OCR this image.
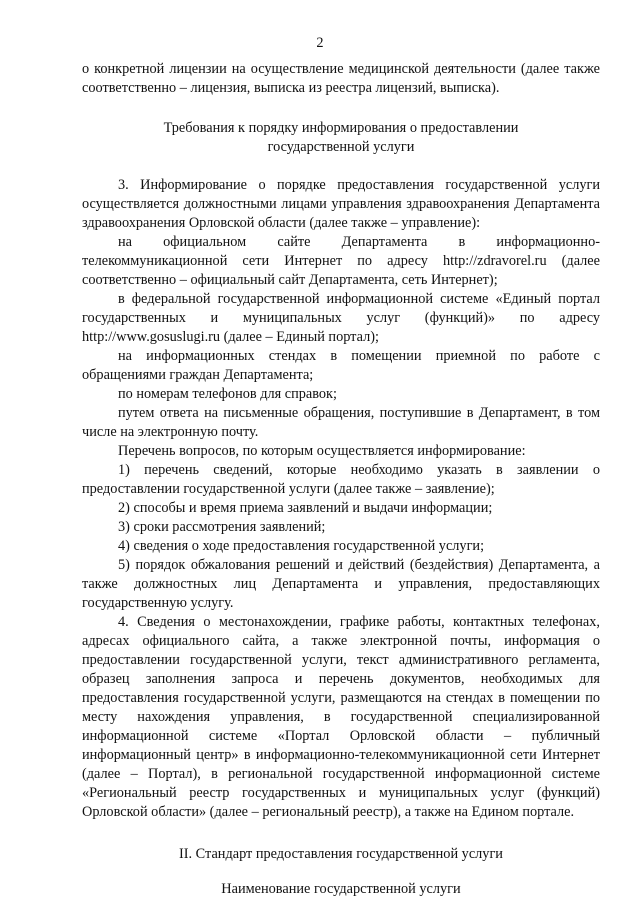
2

о конкретной лицензии на осуществление медицинской деятельности (далее также соответственно – лицензия, выписка из реестра лицензий, выписка).

Требования к порядку информирования о предоставлении

государственной услуги

3. Информирование о порядке предоставления государственной услуги осуществляется должностными лицами управления здравоохранения Департамента здравоохранения Орловской области (далее также – управление):

на официальном сайте Департамента в информационно-телекоммуникационной сети Интернет по адресу http://zdravorel.ru (далее соответственно – официальный сайт Департамента, сеть Интернет);

в федеральной государственной информационной системе «Единый портал государственных и муниципальных услуг (функций)» по адресу http://www.gosuslugi.ru (далее – Единый портал);

на информационных стендах в помещении приемной по работе с обращениями граждан Департамента;

по номерам телефонов для справок;

путем ответа на письменные обращения, поступившие в Департамент, в том числе на электронную почту.

Перечень вопросов, по которым осуществляется информирование:

1) перечень сведений, которые необходимо указать в заявлении о предоставлении государственной услуги (далее также – заявление);

2) способы и время приема заявлений и выдачи информации;

3) сроки рассмотрения заявлений;

4) сведения о ходе предоставления государственной услуги;

5) порядок обжалования решений и действий (бездействия) Департамента, а также должностных лиц Департамента и управления, предоставляющих государственную услугу.

4. Сведения о местонахождении, графике работы, контактных телефонах, адресах официального сайта, а также электронной почты, информация о предоставлении государственной услуги, текст административного регламента, образец заполнения запроса и перечень документов, необходимых для предоставления государственной услуги, размещаются на стендах в помещении по месту нахождения управления, в государственной специализированной информационной системе «Портал Орловской области – публичный информационный центр» в информационно-телекоммуникационной сети Интернет (далее – Портал), в региональной государственной информационной системе «Региональный реестр государственных и муниципальных услуг (функций) Орловской области» (далее – региональный реестр), а также на Едином портале.

II. Стандарт предоставления государственной услуги

Наименование государственной услуги
